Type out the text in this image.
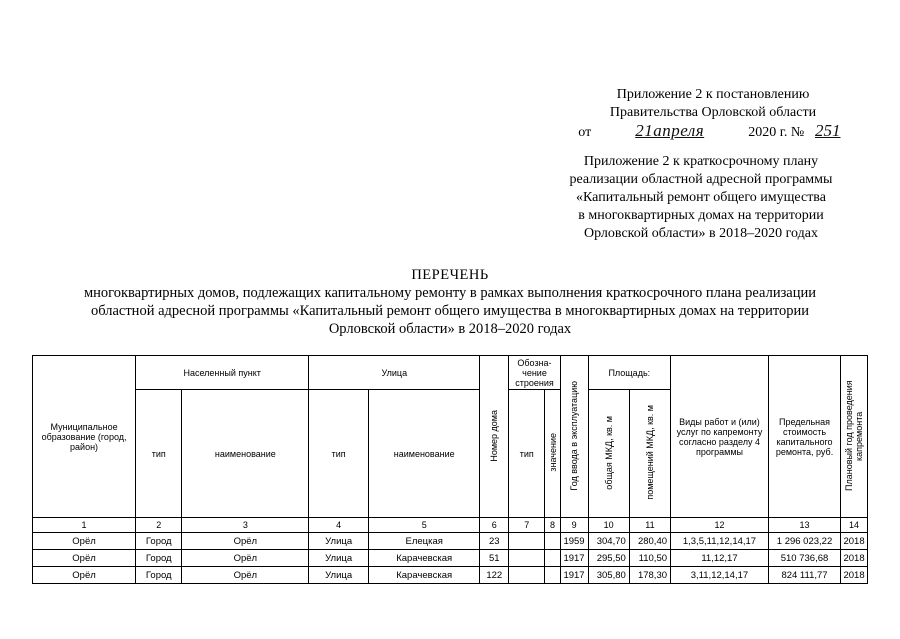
Приложение 2 к постановлению
Правительства Орловской области
от	21апреля	2020 г. № 251
Приложение 2 к краткосрочному плану
реализации областной адресной программы
«Капитальный ремонт общего имущества
в многоквартирных домах на территории
Орловской области» в 2018–2020 годах
ПЕРЕЧЕНЬ
многоквартирных домов, подлежащих капитальному ремонту в рамках выполнения краткосрочного плана реализации
областной адресной программы «Капитальный ремонт общего имущества в многоквартирных домах на территории
Орловской области» в 2018–2020 годах
Муниципальное образование (город, район)	Населенный пункт		Улица		Номер дома	Обозна-чение строения		Год ввода в эксплуатацию	Площадь:		Виды работ и (или) услуг по капремонту согласно разделу 4 программы	Предельная стоимость капитального ремонта, руб.	Плановый год проведения капремонта
	тип	наименование	тип	наименование		тип	значение		общая МКД, кв. м	помещений МКД, кв. м			
1	2	3	4	5	6	7	8	9	10	11	12	13	14
Орёл	Город	Орёл	Улица	Елецкая	23			1959	304,70	280,40	1,3,5,11,12,14,17	1 296 023,22	2018
Орёл	Город	Орёл	Улица	Карачевская	51			1917	295,50	110,50	11,12,17	510 736,68	2018
Орёл	Город	Орёл	Улица	Карачевская	122			1917	305,80	178,30	3,11,12,14,17	824 111,77	2018
